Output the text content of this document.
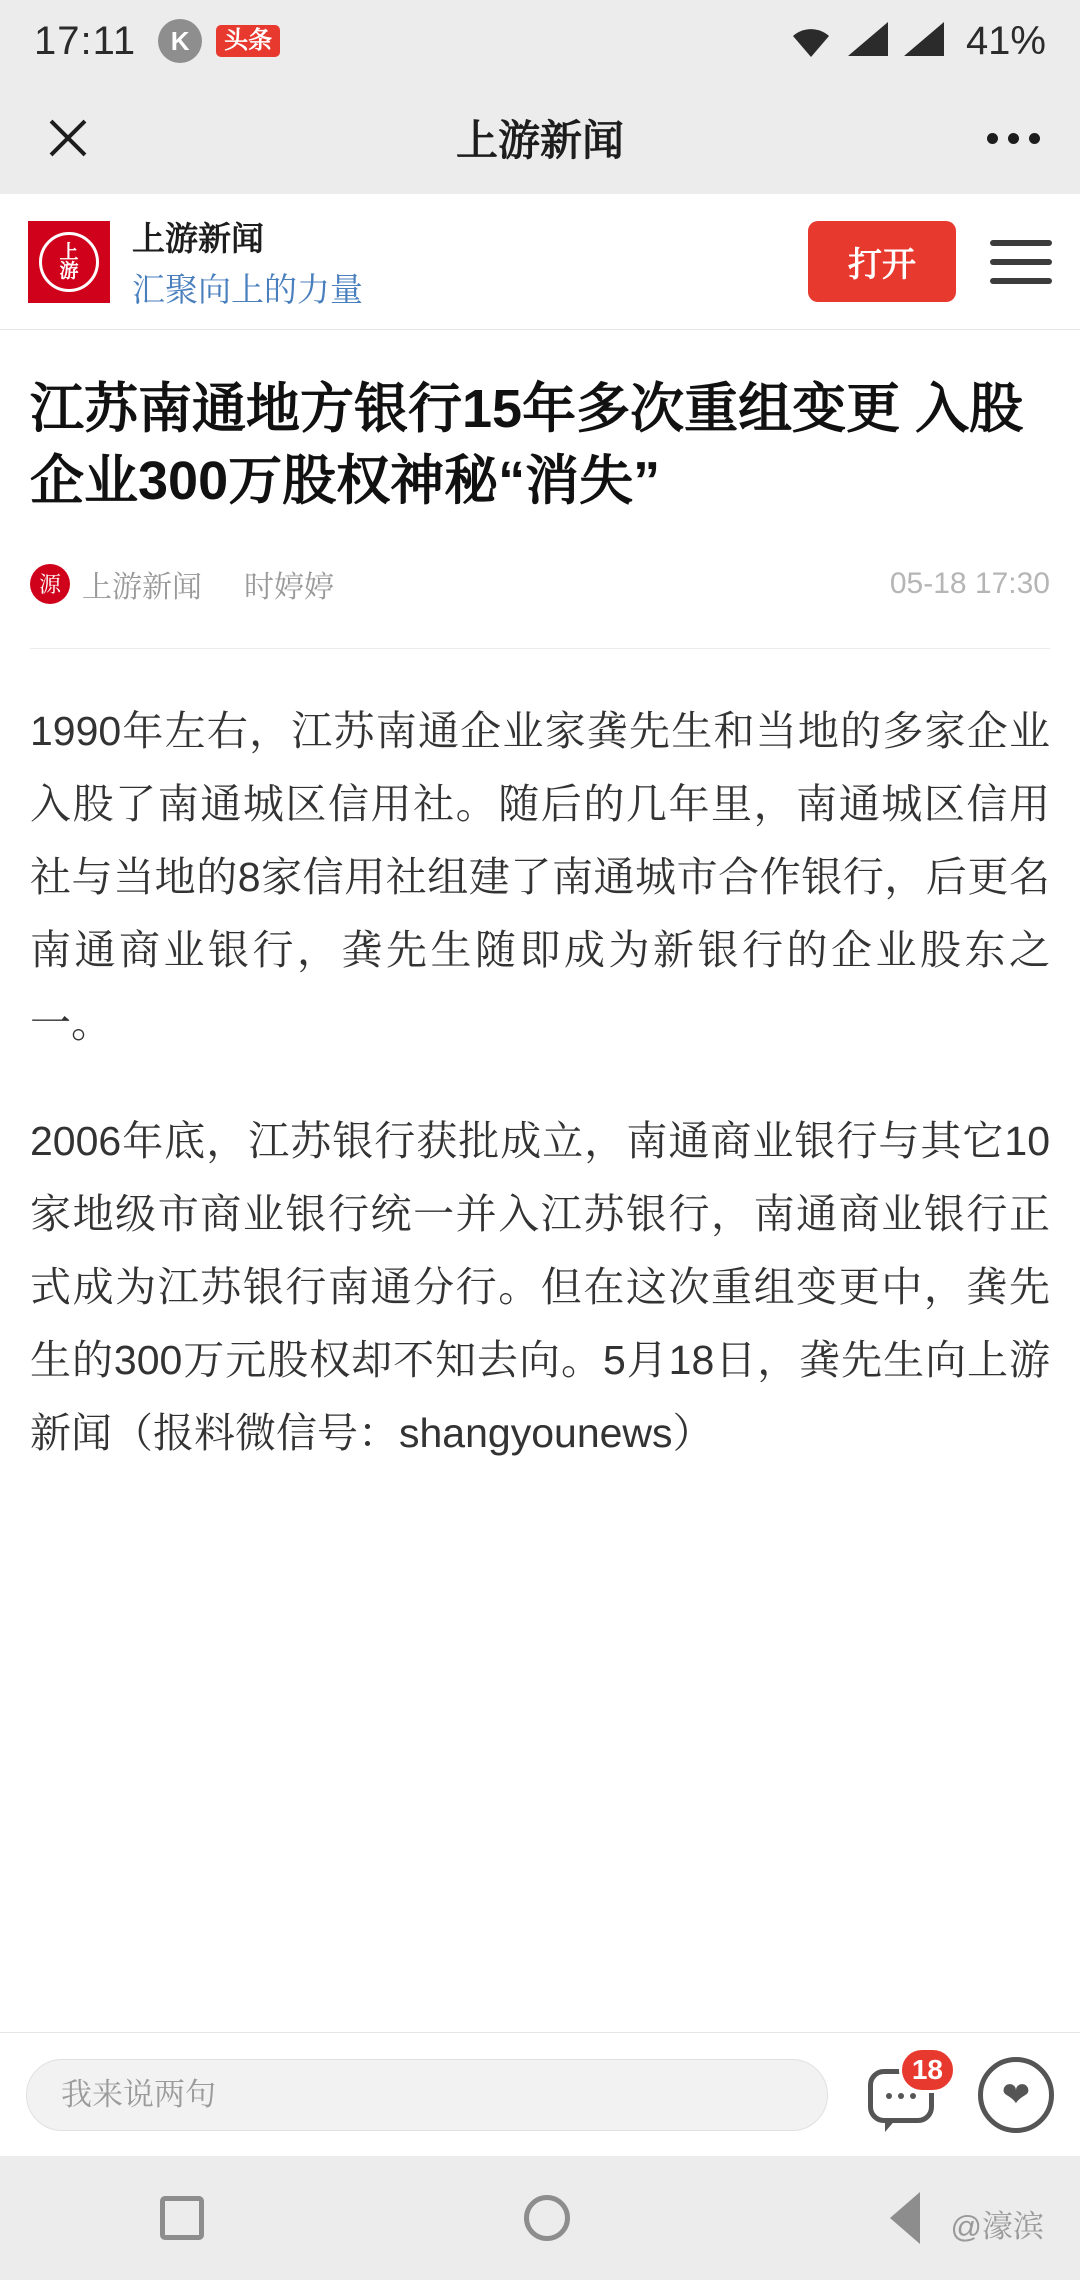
17:11	K	头条	41%
上游新闻
上
游
上游新闻
汇聚向上的力量
打开
江苏南通地方银行15年多次重组变更 入股企业300万股权神秘“消失”
源 上游新闻 时婷婷	05-18 17:30

1990年左右，江苏南通企业家龚先生和当地的多家企业入股了南通城区信用社。随后的几年里，南通城区信用社与当地的8家信用社组建了南通城市合作银行，后更名南通商业银行，龚先生随即成为新银行的企业股东之一。

2006年底，江苏银行获批成立，南通商业银行与其它10家地级市商业银行统一并入江苏银行，南通商业银行正式成为江苏银行南通分行。但在这次重组变更中，龚先生的300万元股权却不知去向。5月18日，龚先生向上游新闻（报料微信号：shangyounews）

我来说两句
18
❤
@濠滨
